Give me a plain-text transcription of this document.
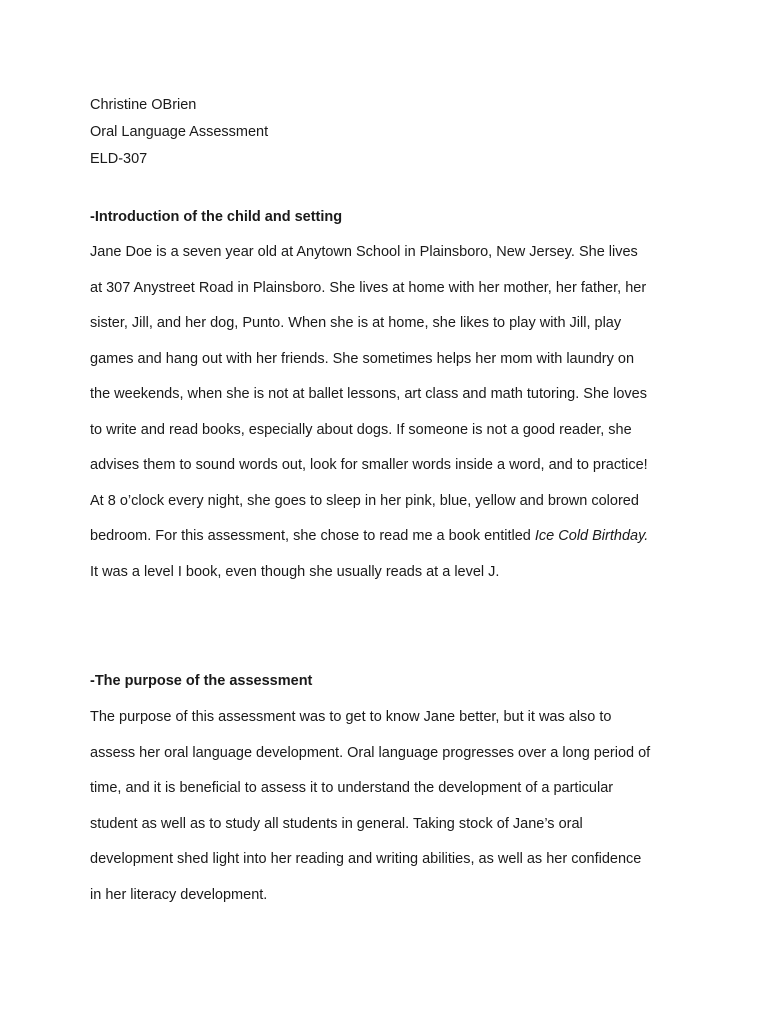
Christine OBrien
Oral Language Assessment
ELD-307
-Introduction of the child and setting
Jane Doe is a seven year old at Anytown School in Plainsboro, New Jersey. She lives
at 307 Anystreet Road in Plainsboro. She lives at home with her mother, her father, her
sister, Jill, and her dog, Punto. When she is at home, she likes to play with Jill, play
games and hang out with her friends. She sometimes helps her mom with laundry on
the weekends, when she is not at ballet lessons, art class and math tutoring. She loves
to write and read books, especially about dogs. If someone is not a good reader, she
advises them to sound words out, look for smaller words inside a word, and to practice!
At 8 o’clock every night, she goes to sleep in her pink, blue, yellow and brown colored
bedroom. For this assessment, she chose to read me a book entitled Ice Cold Birthday.
It was a level I book, even though she usually reads at a level J.
-The purpose of the assessment
The purpose of this assessment was to get to know Jane better, but it was also to
assess her oral language development. Oral language progresses over a long period of
time, and it is beneficial to assess it to understand the development of a particular
student as well as to study all students in general. Taking stock of Jane’s oral
development shed light into her reading and writing abilities, as well as her confidence
in her literacy development.
